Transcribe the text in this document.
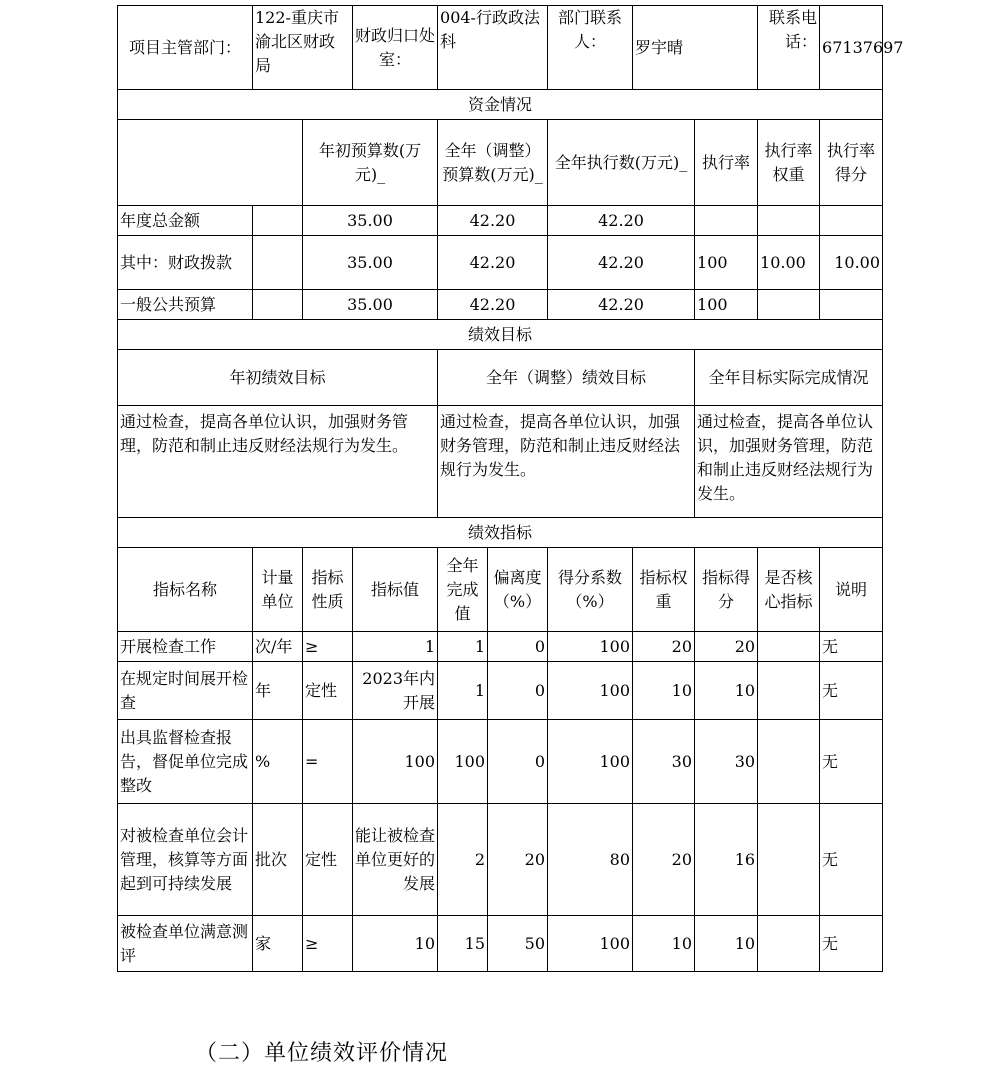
项目主管部门：	122-重庆市渝北区财政局		财政归口处室：	004-行政政法科		部门联系人：	罗宇晴		联系电话：	67137697
资金情况										
		年初预算数(万元)_		全年（调整）预算数(万元)_		全年执行数(万元)_		执行率	执行率权重	执行率得分
年度总金额		35.00		42.20		42.20				
其中：财政拨款		35.00		42.20		42.20		100	10.00	10.00
一般公共预算		35.00		42.20		42.20		100		
绩效目标										
年初绩效目标				全年（调整）绩效目标				全年目标实际完成情况		
通过检查，提高各单位认识，加强财务管理，防范和制止违反财经法规行为发生。				通过检查，提高各单位认识，加强财务管理，防范和制止违反财经法规行为发生。				通过检查，提高各单位认识，加强财务管理，防范和制止违反财经法规行为发生。		
绩效指标										
指标名称	计量单位	指标性质	指标值	全年完成值	偏离度（%）	得分系数（%）	指标权重	指标得分	是否核心指标	说明
开展检查工作	次/年	≥	1	1	0	100	20	20		无
在规定时间展开检查	年	定性	2023年内开展	1	0	100	10	10		无
出具监督检查报告，督促单位完成整改	%	=	100	100	0	100	30	30		无
对被检查单位会计管理，核算等方面起到可持续发展	批次	定性	能让被检查单位更好的发展	2	20	80	20	16		无
被检查单位满意测评	家	≥	10	15	50	100	10	10		无
（二）单位绩效评价情况
